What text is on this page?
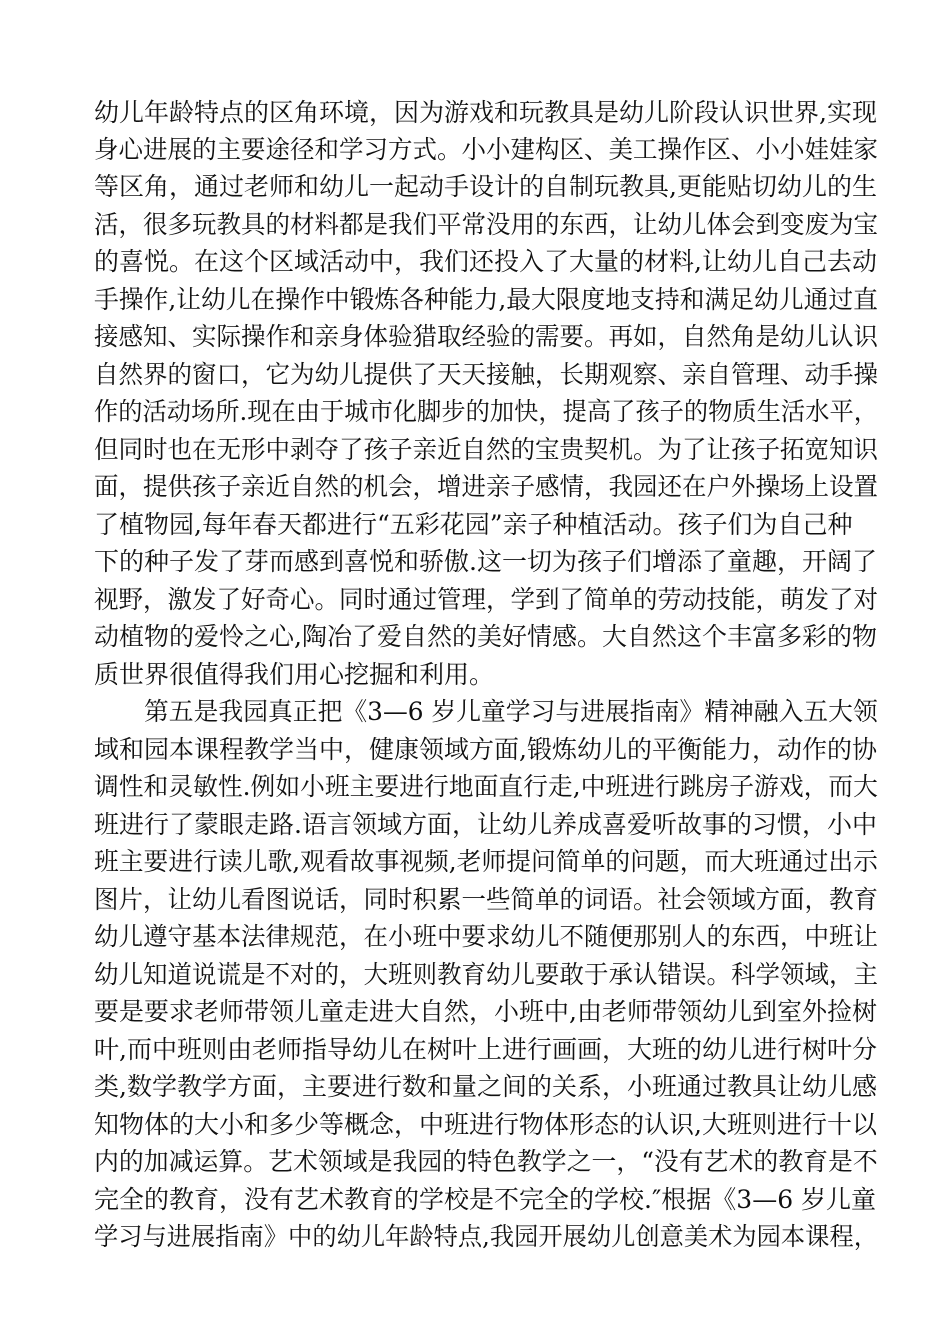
幼儿年龄特点的区角环境，因为游戏和玩教具是幼儿阶段认识世界,实现

身心进展的主要途径和学习方式。小小建构区、美工操作区、小小娃娃家

等区角，通过老师和幼儿一起动手设计的自制玩教具,更能贴切幼儿的生

活，很多玩教具的材料都是我们平常没用的东西，让幼儿体会到变废为宝

的喜悦。在这个区域活动中，我们还投入了大量的材料,让幼儿自己去动

手操作,让幼儿在操作中锻炼各种能力,最大限度地支持和满足幼儿通过直

接感知、实际操作和亲身体验猎取经验的需要。再如，自然角是幼儿认识

自然界的窗口，它为幼儿提供了天天接触，长期观察、亲自管理、动手操

作的活动场所.现在由于城市化脚步的加快，提高了孩子的物质生活水平，

但同时也在无形中剥夺了孩子亲近自然的宝贵契机。为了让孩子拓宽知识

面，提供孩子亲近自然的机会，增进亲子感情，我园还在户外操场上设置

了植物园,每年春天都进行“五彩花园”亲子种植活动。孩子们为自己种

下的种子发了芽而感到喜悦和骄傲.这一切为孩子们增添了童趣，开阔了

视野，激发了好奇心。同时通过管理，学到了简单的劳动技能，萌发了对

动植物的爱怜之心,陶冶了爱自然的美好情感。大自然这个丰富多彩的物

质世界很值得我们用心挖掘和利用。

第五是我园真正把《3—6 岁儿童学习与进展指南》精神融入五大领

域和园本课程教学当中，健康领域方面,锻炼幼儿的平衡能力，动作的协

调性和灵敏性.例如小班主要进行地面直行走,中班进行跳房子游戏，而大

班进行了蒙眼走路.语言领域方面，让幼儿养成喜爱听故事的习惯，小中

班主要进行读儿歌,观看故事视频,老师提问简单的问题，而大班通过出示

图片，让幼儿看图说话，同时积累一些简单的词语。社会领域方面，教育

幼儿遵守基本法律规范，在小班中要求幼儿不随便那别人的东西，中班让

幼儿知道说谎是不对的，大班则教育幼儿要敢于承认错误。科学领域，主

要是要求老师带领儿童走进大自然，小班中,由老师带领幼儿到室外捡树

叶,而中班则由老师指导幼儿在树叶上进行画画，大班的幼儿进行树叶分

类,数学教学方面，主要进行数和量之间的关系，小班通过教具让幼儿感

知物体的大小和多少等概念，中班进行物体形态的认识,大班则进行十以

内的加减运算。艺术领域是我园的特色教学之一，“没有艺术的教育是不

完全的教育，没有艺术教育的学校是不完全的学校.″根据《3—6 岁儿童

学习与进展指南》中的幼儿年龄特点,我园开展幼儿创意美术为园本课程，
